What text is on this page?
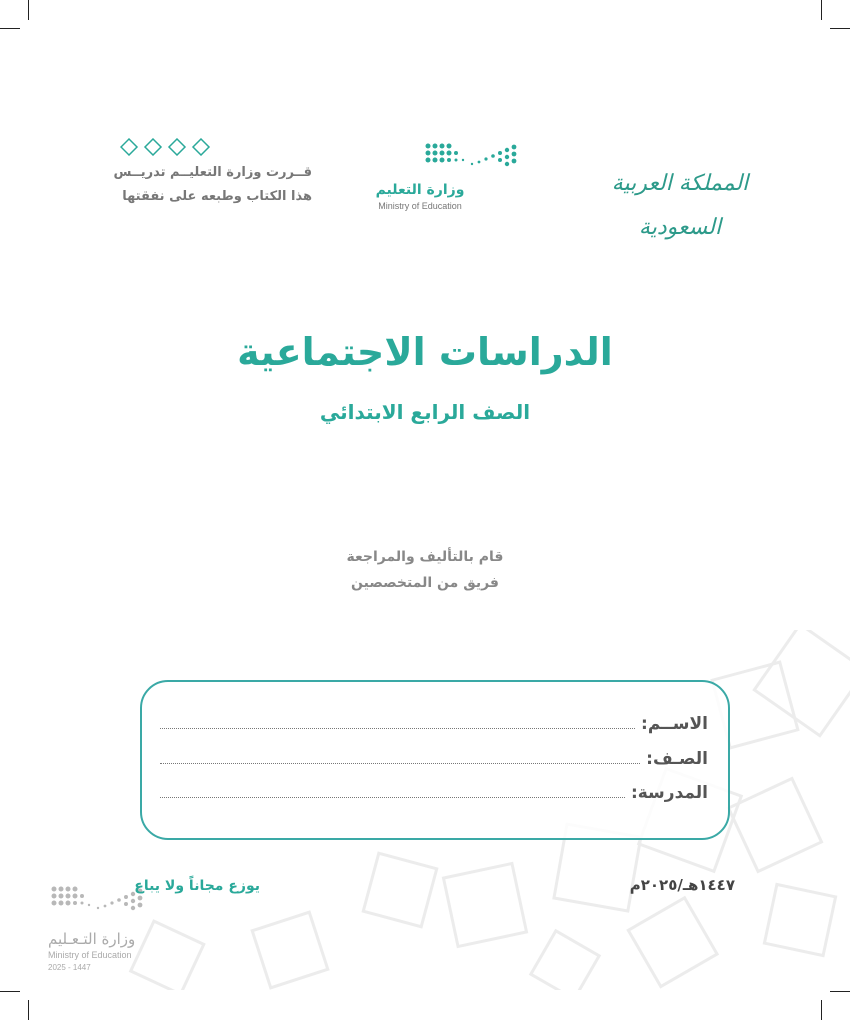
المملكة العربية السعودية
وزارة التعليم
Ministry of Education
قــررت وزارة التعليــم تدريــس
هذا الكتاب وطبعه على نفقتها
الدراسات الاجتماعية
الصف الرابع الابتدائي
قام بالتأليف والمراجعة
فريق من المتخصصين
الاســم:
الصـف:
المدرسة:
يوزع مجاناً ولا يباع	١٤٤٧هـ/٢٠٢٥م
وزارة التـعـليم
Ministry of Education
2025 - 1447
